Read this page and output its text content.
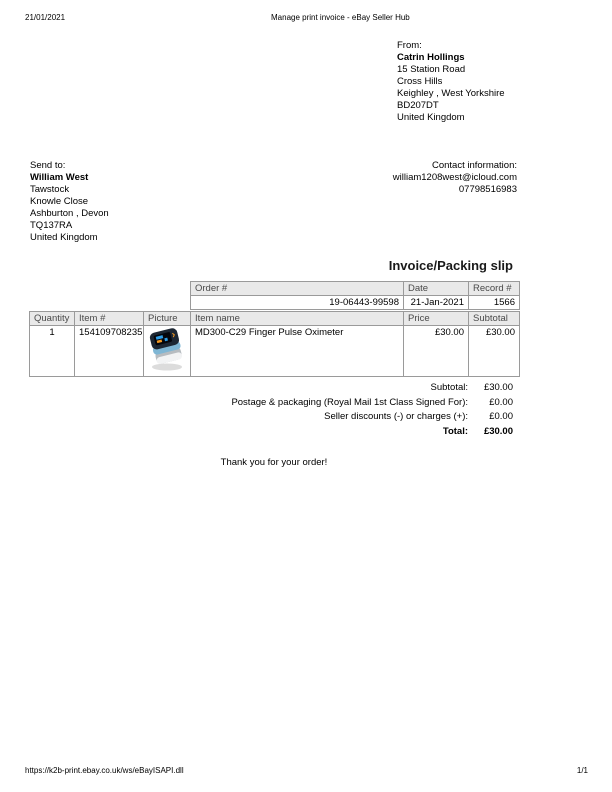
21/01/2021	Manage print invoice - eBay Seller Hub
From:
Catrin Hollings
15 Station Road
Cross Hills
Keighley , West Yorkshire
BD207DT
United Kingdom
Send to:
William West
Tawstock
Knowle Close
Ashburton , Devon
TQ137RA
United Kingdom
Contact information:
william1208west@icloud.com
07798516983
Invoice/Packing slip
Order #	Date	Record #
19-06443-99598	21-Jan-2021	1566
Quantity	Item #	Picture	Item name	Price	Subtotal
1	154109708235		MD300-C29 Finger Pulse Oximeter	£30.00	£30.00
Subtotal:	£30.00
Postage & packaging (Royal Mail 1st Class Signed For):	£0.00
Seller discounts (-) or charges (+):	£0.00
Total:	£30.00
Thank you for your order!
https://k2b-print.ebay.co.uk/ws/eBayISAPI.dll	1/1
